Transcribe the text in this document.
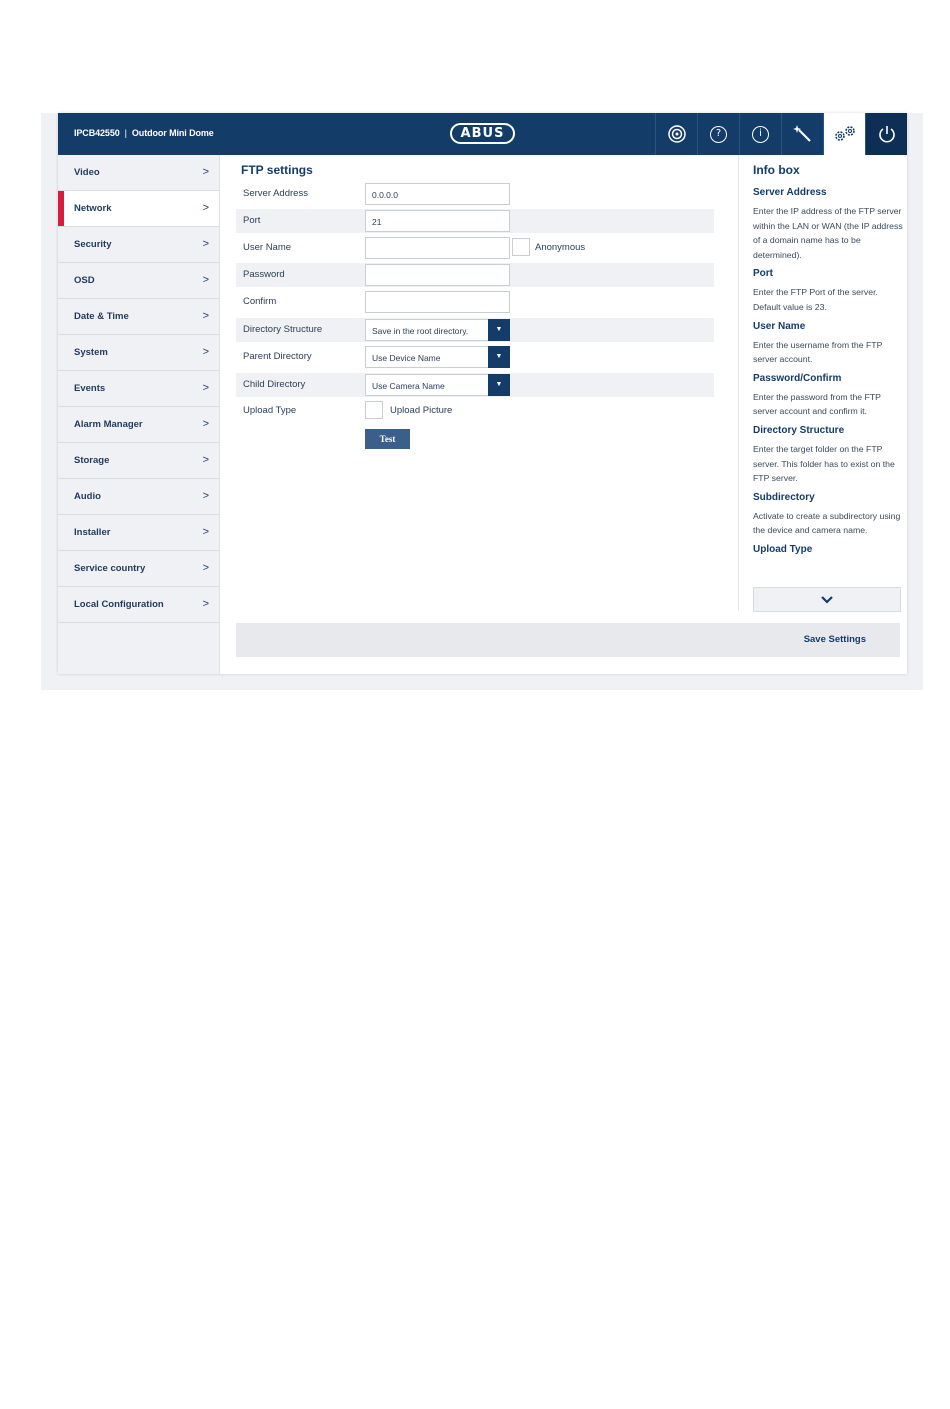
IPCB42550 | Outdoor Mini Dome	ABUS	?	i
Video	>
Network	>
Security	>
OSD	>
Date & Time	>
System	>
Events	>
Alarm Manager	>
Storage	>
Audio	>
Installer	>
Service country	>
Local Configuration	>
FTP settings
Server Address	0.0.0.0
Port	21
User Name	Anonymous
Password
Confirm
Directory Structure	Save in the root directory.	▼
Parent Directory	Use Device Name	▼
Child Directory	Use Camera Name	▼
Upload Type	Upload Picture
Test
Info box
Server Address
Enter the IP address of the FTP server within the LAN or WAN (the IP address of a domain name has to be determined).
Port
Enter the FTP Port of the server. Default value is 23.
User Name
Enter the username from the FTP server account.
Password/Confirm
Enter the password from the FTP server account and confirm it.
Directory Structure
Enter the target folder on the FTP server. This folder has to exist on the FTP server.
Subdirectory
Activate to create a subdirectory using the device and camera name.
Upload Type
Save Settings
